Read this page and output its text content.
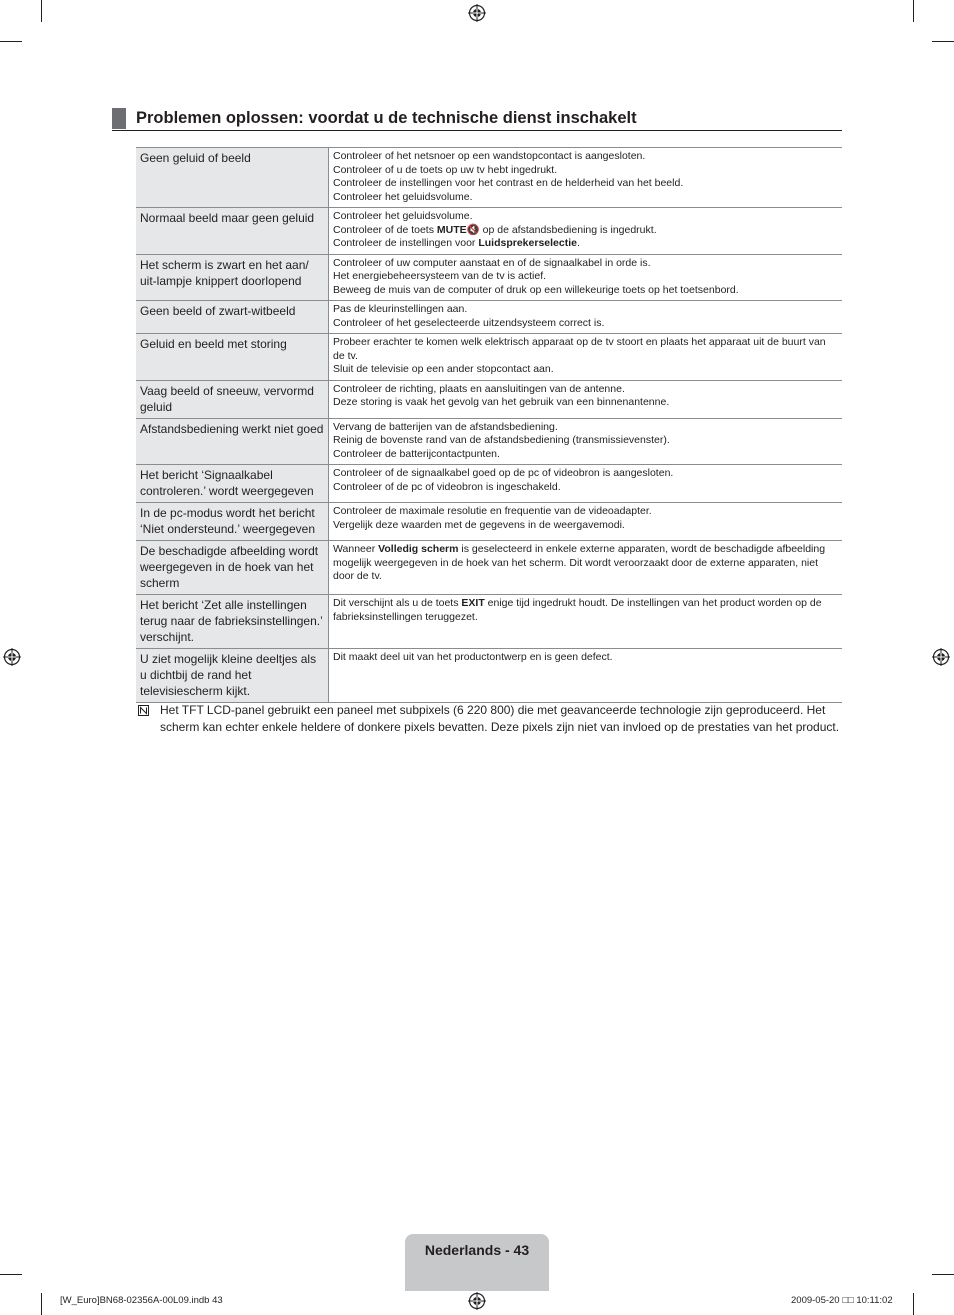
Problemen oplossen: voordat u de technische dienst inschakelt
Geen geluid of beeld	Controleer of het netsnoer op een wandstopcontact is aangesloten.
Controleer of u de toets op uw tv hebt ingedrukt.
Controleer de instellingen voor het contrast en de helderheid van het beeld.
Controleer het geluidsvolume.

Normaal beeld maar geen geluid	Controleer het geluidsvolume.
Controleer of de toets MUTE🔇 op de afstandsbediening is ingedrukt.
Controleer de instellingen voor Luidsprekerselectie.

Het scherm is zwart en het aan/ uit-lampje knippert doorlopend	Controleer of uw computer aanstaat en of de signaalkabel in orde is.
Het energiebeheersysteem van de tv is actief.
Beweeg de muis van de computer of druk op een willekeurige toets op het toetsenbord.

Geen beeld of zwart-witbeeld	Pas de kleurinstellingen aan.
Controleer of het geselecteerde uitzendsysteem correct is.

Geluid en beeld met storing	Probeer erachter te komen welk elektrisch apparaat op de tv stoort en plaats het apparaat uit de buurt van de tv.
Sluit de televisie op een ander stopcontact aan.

Vaag beeld of sneeuw, vervormd geluid	Controleer de richting, plaats en aansluitingen van de antenne.
Deze storing is vaak het gevolg van het gebruik van een binnenantenne.

Afstandsbediening werkt niet goed	Vervang de batterijen van de afstandsbediening.
Reinig de bovenste rand van de afstandsbediening (transmissievenster).
Controleer de batterijcontactpunten.

Het bericht ‘Signaalkabel controleren.’ wordt weergegeven	Controleer of de signaalkabel goed op de pc of videobron is aangesloten.
Controleer of de pc of videobron is ingeschakeld.

In de pc-modus wordt het bericht ‘Niet ondersteund.’ weergegeven	Controleer de maximale resolutie en frequentie van de videoadapter.
Vergelijk deze waarden met de gegevens in de weergavemodi.

De beschadigde afbeelding wordt weergegeven in de hoek van het scherm	Wanneer Volledig scherm is geselecteerd in enkele externe apparaten, wordt de beschadigde afbeelding mogelijk weergegeven in de hoek van het scherm. Dit wordt veroorzaakt door de externe apparaten, niet door de tv.

Het bericht ‘Zet alle instellingen terug naar de fabrieksinstellingen.’ verschijnt.	Dit verschijnt als u de toets EXIT enige tijd ingedrukt houdt. De instellingen van het product worden op de fabrieksinstellingen teruggezet.

U ziet mogelijk kleine deeltjes als u dichtbij de rand het televisiescherm kijkt.	Dit maakt deel uit van het productontwerp en is geen defect.
Het TFT LCD-panel gebruikt een paneel met subpixels (6 220 800) die met geavanceerde technologie zijn geproduceerd. Het scherm kan echter enkele heldere of donkere pixels bevatten. Deze pixels zijn niet van invloed op de prestaties van het product.
Nederlands - 43
[W_Euro]BN68-02356A-00L09.indb 43	2009-05-20 □□ 10:11:02
